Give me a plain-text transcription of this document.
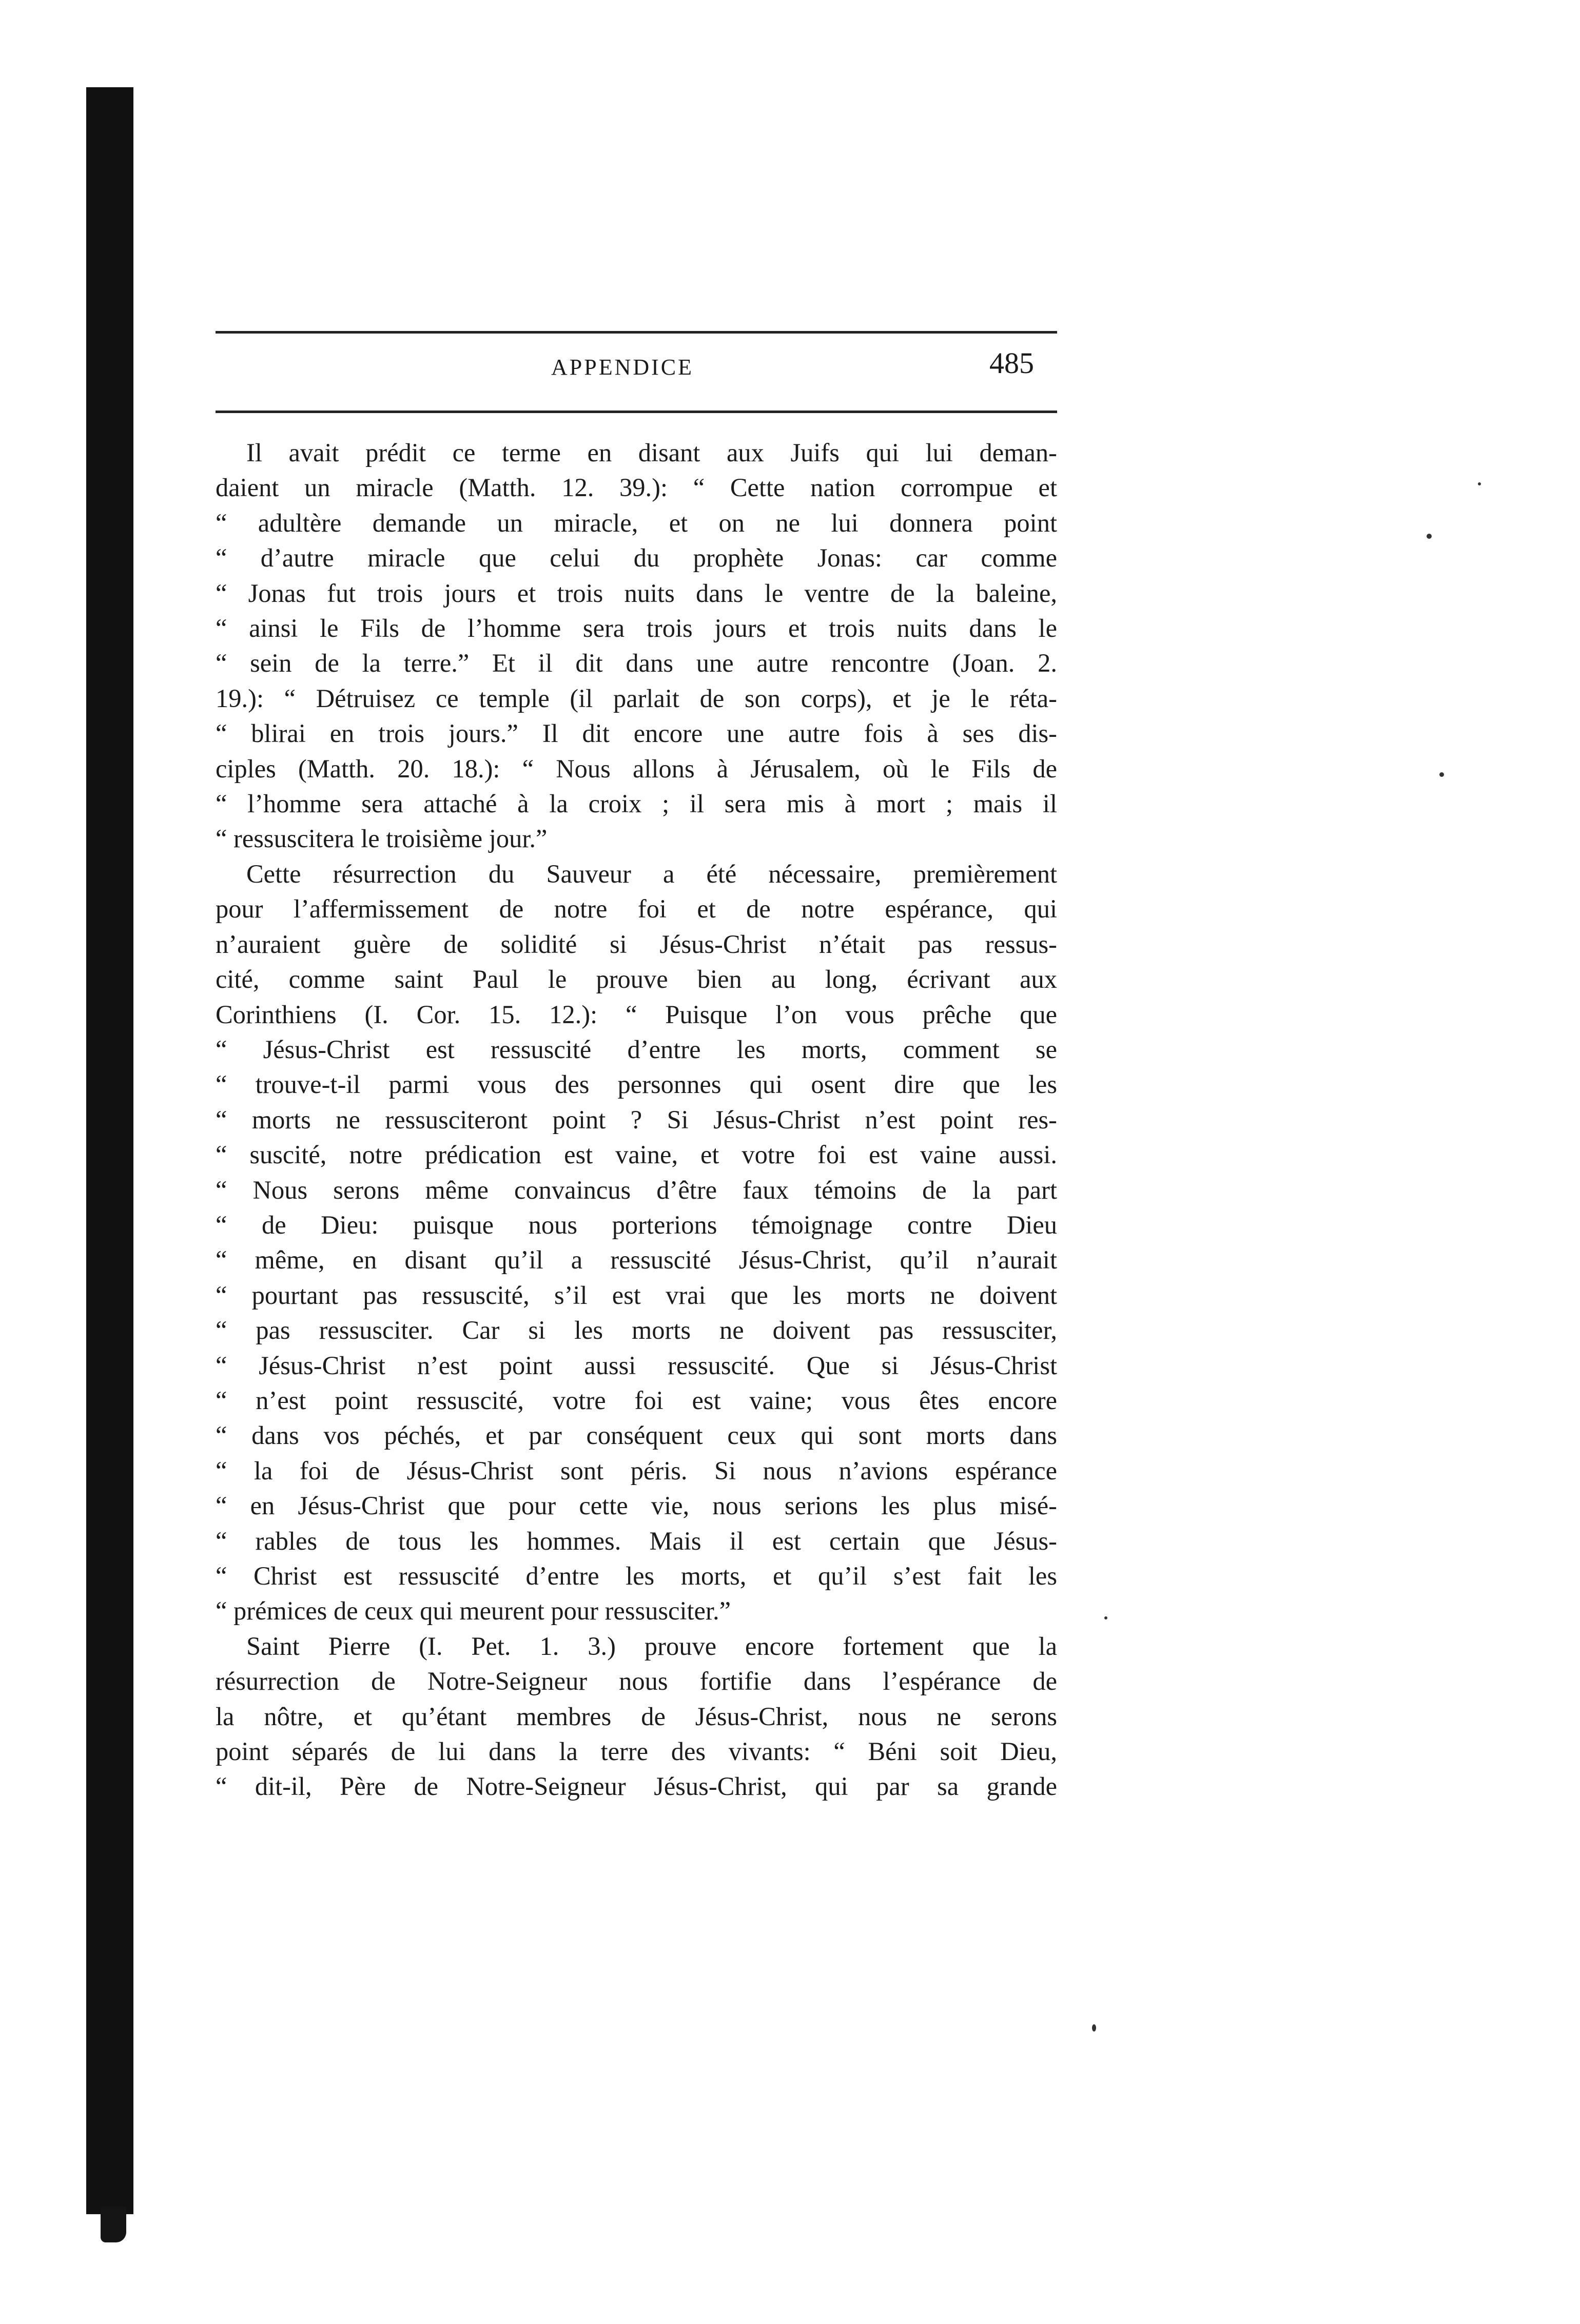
APPENDICE	485
Il avait prédit ce terme en disant aux Juifs qui lui deman-
daient un miracle (Matth. 12. 39.): “ Cette nation corrompue et
“ adultère demande un miracle, et on ne lui donnera point
“ d’autre miracle que celui du prophète Jonas: car comme
“ Jonas fut trois jours et trois nuits dans le ventre de la baleine,
“ ainsi le Fils de l’homme sera trois jours et trois nuits dans le
“ sein de la terre.” Et il dit dans une autre rencontre (Joan. 2.
19.): “ Détruisez ce temple (il parlait de son corps), et je le réta-
“ blirai en trois jours.” Il dit encore une autre fois à ses dis-
ciples (Matth. 20. 18.): “ Nous allons à Jérusalem, où le Fils de
“ l’homme sera attaché à la croix ; il sera mis à mort ; mais il
“ ressuscitera le troisième jour.”
Cette résurrection du Sauveur a été nécessaire, premièrement
pour l’affermissement de notre foi et de notre espérance, qui
n’auraient guère de solidité si Jésus-Christ n’était pas ressus-
cité, comme saint Paul le prouve bien au long, écrivant aux
Corinthiens (I. Cor. 15. 12.): “ Puisque l’on vous prêche que
“ Jésus-Christ est ressuscité d’entre les morts, comment se
“ trouve-t-il parmi vous des personnes qui osent dire que les
“ morts ne ressusciteront point ? Si Jésus-Christ n’est point res-
“ suscité, notre prédication est vaine, et votre foi est vaine aussi.
“ Nous serons même convaincus d’être faux témoins de la part
“ de Dieu: puisque nous porterions témoignage contre Dieu
“ même, en disant qu’il a ressuscité Jésus-Christ, qu’il n’aurait
“ pourtant pas ressuscité, s’il est vrai que les morts ne doivent
“ pas ressusciter. Car si les morts ne doivent pas ressusciter,
“ Jésus-Christ n’est point aussi ressuscité. Que si Jésus-Christ
“ n’est point ressuscité, votre foi est vaine; vous êtes encore
“ dans vos péchés, et par conséquent ceux qui sont morts dans
“ la foi de Jésus-Christ sont péris. Si nous n’avions espérance
“ en Jésus-Christ que pour cette vie, nous serions les plus misé-
“ rables de tous les hommes. Mais il est certain que Jésus-
“ Christ est ressuscité d’entre les morts, et qu’il s’est fait les
“ prémices de ceux qui meurent pour ressusciter.”
Saint Pierre (I. Pet. 1. 3.) prouve encore fortement que la
résurrection de Notre-Seigneur nous fortifie dans l’espérance de
la nôtre, et qu’étant membres de Jésus-Christ, nous ne serons
point séparés de lui dans la terre des vivants: “ Béni soit Dieu,
“ dit-il, Père de Notre-Seigneur Jésus-Christ, qui par sa grande
